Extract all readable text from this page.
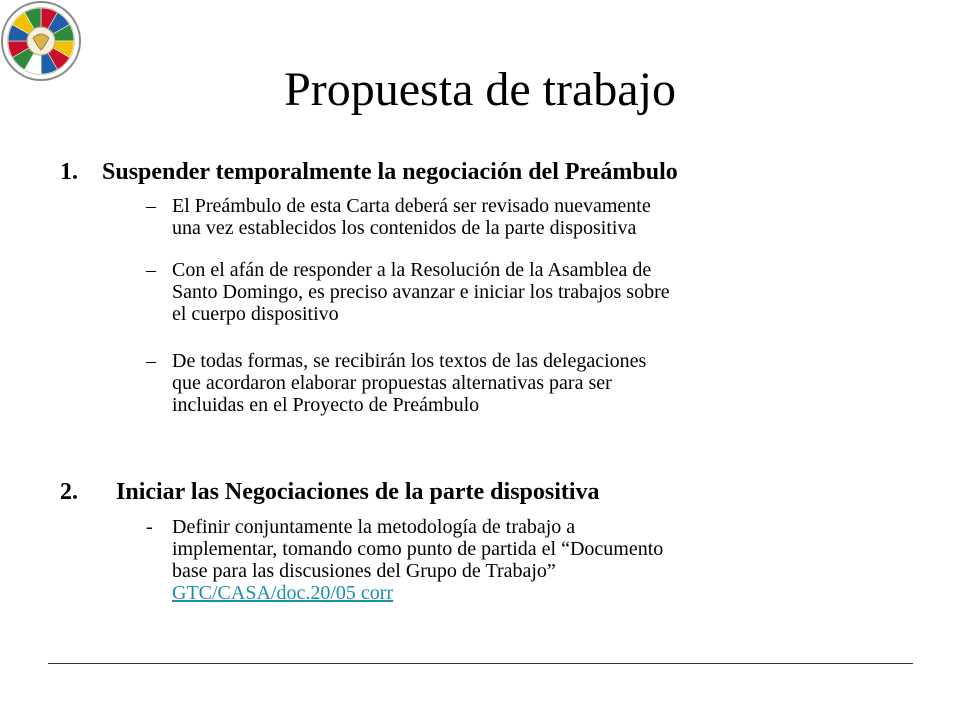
Propuesta de trabajo
1. Suspender temporalmente la negociación del Preámbulo
– El Preámbulo de esta Carta deberá ser revisado nuevamente
una vez establecidos los contenidos de la parte dispositiva
– Con el afán de responder a la Resolución de la Asamblea de
Santo Domingo, es preciso avanzar e iniciar los trabajos sobre
el cuerpo dispositivo
– De todas formas, se recibirán los textos de las delegaciones
que acordaron elaborar propuestas alternativas para ser
incluidas en el Proyecto de Preámbulo
2. Iniciar las Negociaciones de la parte dispositiva
- Definir conjuntamente la metodología de trabajo a
implementar, tomando como punto de partida el “Documento
base para las discusiones del Grupo de Trabajo”
GTC/CASA/doc.20/05 corr
